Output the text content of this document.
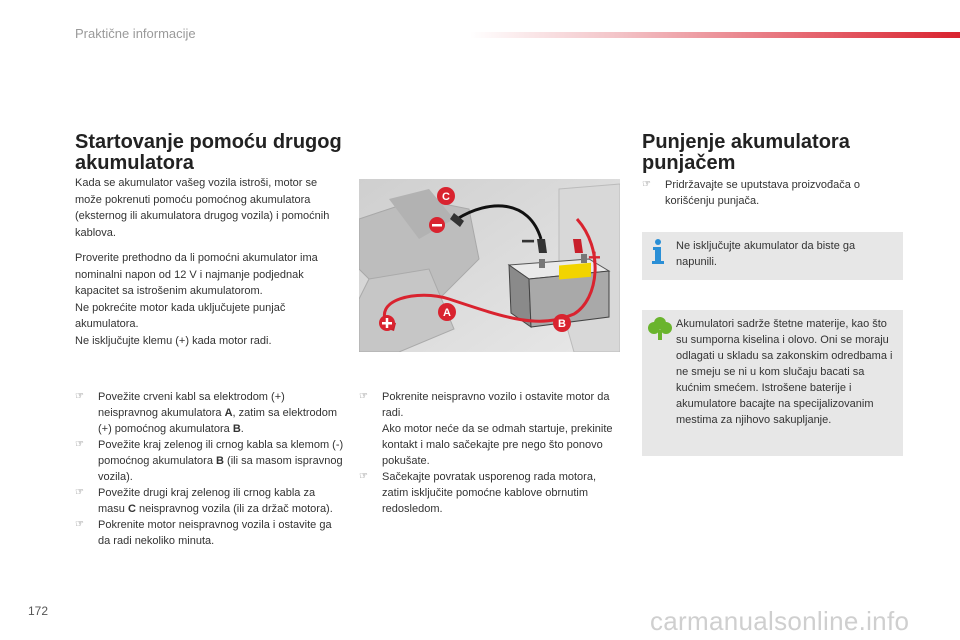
Praktične informacije
Startovanje pomoću drugog akumulatora

Kada se akumulator vašeg vozila istroši, motor se može pokrenuti pomoću pomoćnog akumulatora (eksternog ili akumulatora drugog vozila) i pomoćnih kablova.

Proverite prethodno da li pomoćni akumulator ima nominalni napon od 12 V i najmanje podjednak kapacitet sa istrošenim akumulatorom.
Ne pokrećite motor kada uključujete punjač akumulatora.
Ne isključujte klemu (+) kada motor radi.

☞ Povežite crveni kabl sa elektrodom (+) neispravnog akumulatora A, zatim sa elektrodom (+) pomoćnog akumulatora B.
☞ Povežite kraj zelenog ili crnog kabla sa klemom (-) pomoćnog akumulatora B (ili sa masom ispravnog vozila).
☞ Povežite drugi kraj zelenog ili crnog kabla za masu C neispravnog vozila (ili za držač motora).
☞ Pokrenite motor neispravnog vozila i ostavite ga da radi nekoliko minuta.
−
+
C
A
B
☞ Pokrenite neispravno vozilo i ostavite motor da radi.
Ako motor neće da se odmah startuje, prekinite kontakt i malo sačekajte pre nego što ponovo pokušate.
☞ Sačekajte povratak usporenog rada motora, zatim isključite pomoćne kablove obrnutim redosledom.
Punjenje akumulatora punjačem
☞ Pridržavajte se uputstava proizvođača o korišćenju punjača.
Ne isključujte akumulator da biste ga napunili.
Akumulatori sadrže štetne materije, kao što su sumporna kiselina i olovo. Oni se moraju odlagati u skladu sa zakonskim odredbama i ne smeju se ni u kom slučaju bacati sa kućnim smećem. Istrošene baterije i akumulatore bacajte na specijalizovanim mestima za njihovo sakupljanje.
172	carmanualsonline.info
